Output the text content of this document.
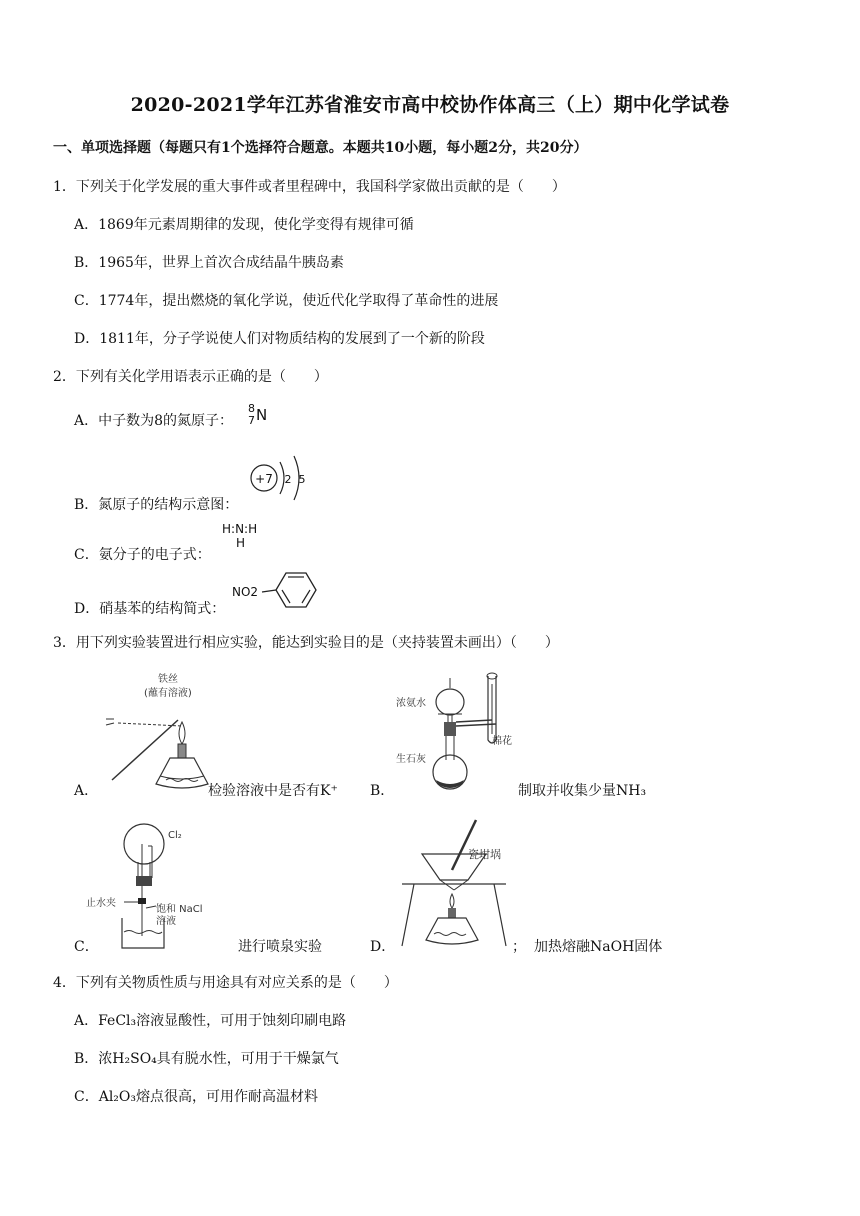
2020-2021学年江苏省淮安市高中校协作体高三（上）期中化学试卷
一、单项选择题（每题只有1个选择符合题意。本题共10小题，每小题2分，共20分）
1．下列关于化学发展的重大事件或者里程碑中，我国科学家做出贡献的是（　　）
A．1869年元素周期律的发现，使化学变得有规律可循
B．1965年，世界上首次合成结晶牛胰岛素
C．1774年，提出燃烧的氧化学说，使近代化学取得了革命性的进展
D．1811年，分子学说使人们对物质结构的发展到了一个新的阶段
2．下列有关化学用语表示正确的是（　　）
A．中子数为8的氮原子：
8
7 N
B．氮原子的结构示意图：
+7 2 5
C．氨分子的电子式：
H:N:H
H
D．硝基苯的结构简式：
NO2
3．用下列实验装置进行相应实验，能达到实验目的是（夹持装置未画出）（　　）
A．
铁丝
(蘸有溶液)
检验溶液中是否有K⁺ B．
浓氨水
棉花
生石灰
制取并收集少量NH₃
C．
Cl₂
止水夹
饱和 NaCl
溶液
进行喷泉实验	D．
瓷坩埚
； 加热熔融NaOH固体
4．下列有关物质性质与用途具有对应关系的是（　　）
A．FeCl₃溶液显酸性，可用于蚀刻印刷电路
B．浓H₂SO₄具有脱水性，可用于干燥氯气
C．Al₂O₃熔点很高，可用作耐高温材料
